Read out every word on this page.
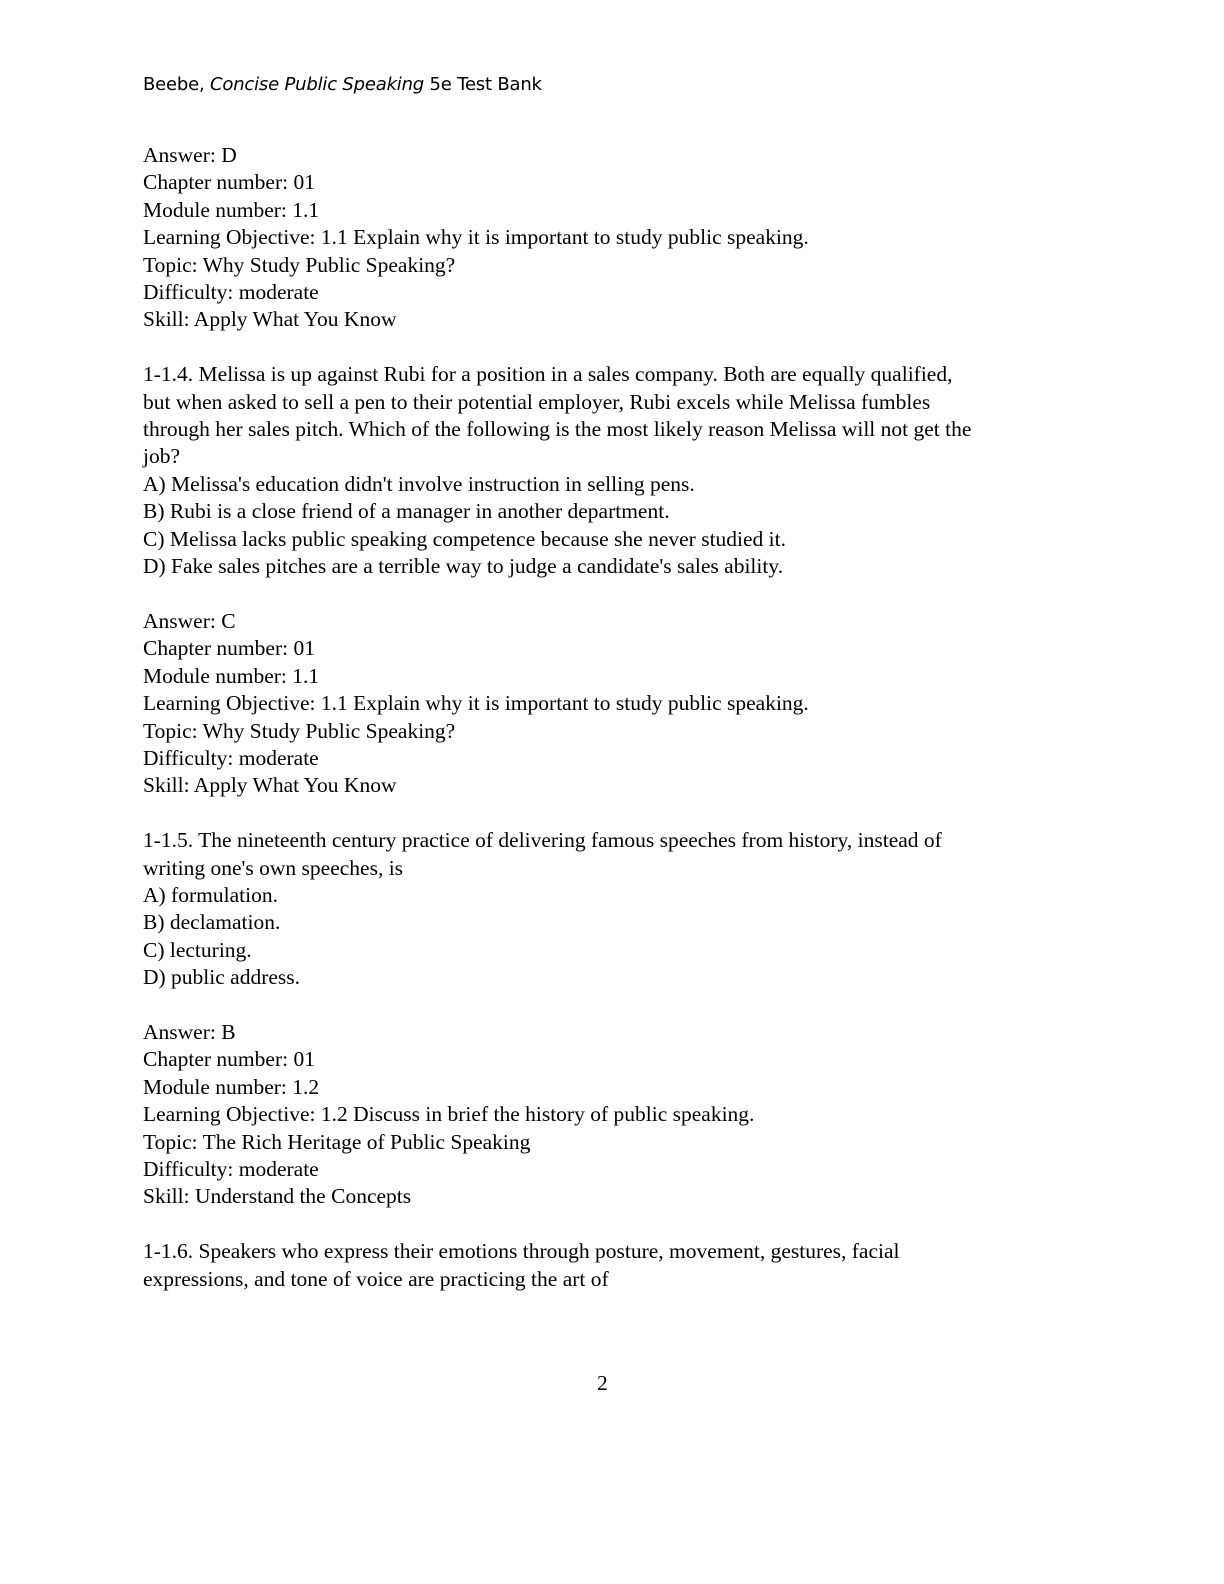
Beebe, Concise Public Speaking 5e Test Bank
Answer: D
Chapter number: 01
Module number: 1.1
Learning Objective: 1.1 Explain why it is important to study public speaking.
Topic: Why Study Public Speaking?
Difficulty: moderate
Skill: Apply What You Know
1-1.4. Melissa is up against Rubi for a position in a sales company. Both are equally qualified,
but when asked to sell a pen to their potential employer, Rubi excels while Melissa fumbles
through her sales pitch. Which of the following is the most likely reason Melissa will not get the
job?
A) Melissa's education didn't involve instruction in selling pens.
B) Rubi is a close friend of a manager in another department.
C) Melissa lacks public speaking competence because she never studied it.
D) Fake sales pitches are a terrible way to judge a candidate's sales ability.
Answer: C
Chapter number: 01
Module number: 1.1
Learning Objective: 1.1 Explain why it is important to study public speaking.
Topic: Why Study Public Speaking?
Difficulty: moderate
Skill: Apply What You Know
1-1.5. The nineteenth century practice of delivering famous speeches from history, instead of
writing one's own speeches, is
A) formulation.
B) declamation.
C) lecturing.
D) public address.
Answer: B
Chapter number: 01
Module number: 1.2
Learning Objective: 1.2 Discuss in brief the history of public speaking.
Topic: The Rich Heritage of Public Speaking
Difficulty: moderate
Skill: Understand the Concepts
1-1.6. Speakers who express their emotions through posture, movement, gestures, facial
expressions, and tone of voice are practicing the art of
2
